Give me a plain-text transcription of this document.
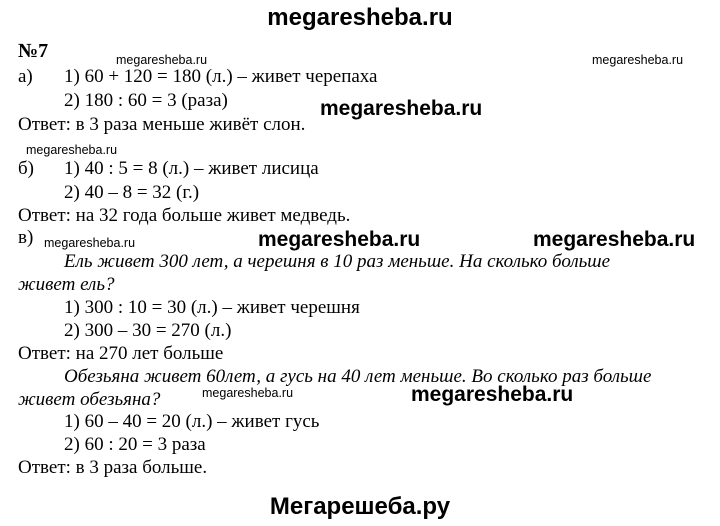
megaresheba.ru
№7	megaresheba.ru	megaresheba.ru
megaresheba.ru
megaresheba.ru
megaresheba.ru
megaresheba.ru
megaresheba.ru	megaresheba.ru
megaresheba.ru
а) 1) 60 + 120 = 180 (л.) – живет черепаха
2) 180 : 60 = 3 (раза)
Ответ: в 3 раза меньше живёт слон.
б) 1) 40 : 5 = 8 (л.) – живет лисица
2) 40 – 8 = 32 (г.)
Ответ: на 32 года больше живет медведь.
в)
Ель живет 300 лет, а черешня в 10 раз меньше. На сколько больше
живет ель?
1) 300 : 10 = 30 (л.) – живет черешня
2) 300 – 30 = 270 (л.)
Ответ: на 270 лет больше
Обезьяна живет 60лет, а гусь на 40 лет меньше. Во сколько раз больше
живет обезьяна?
1) 60 – 40 = 20 (л.) – живет гусь
2) 60 : 20 = 3 раза
Ответ: в 3 раза больше.
Мегарешеба.ру
